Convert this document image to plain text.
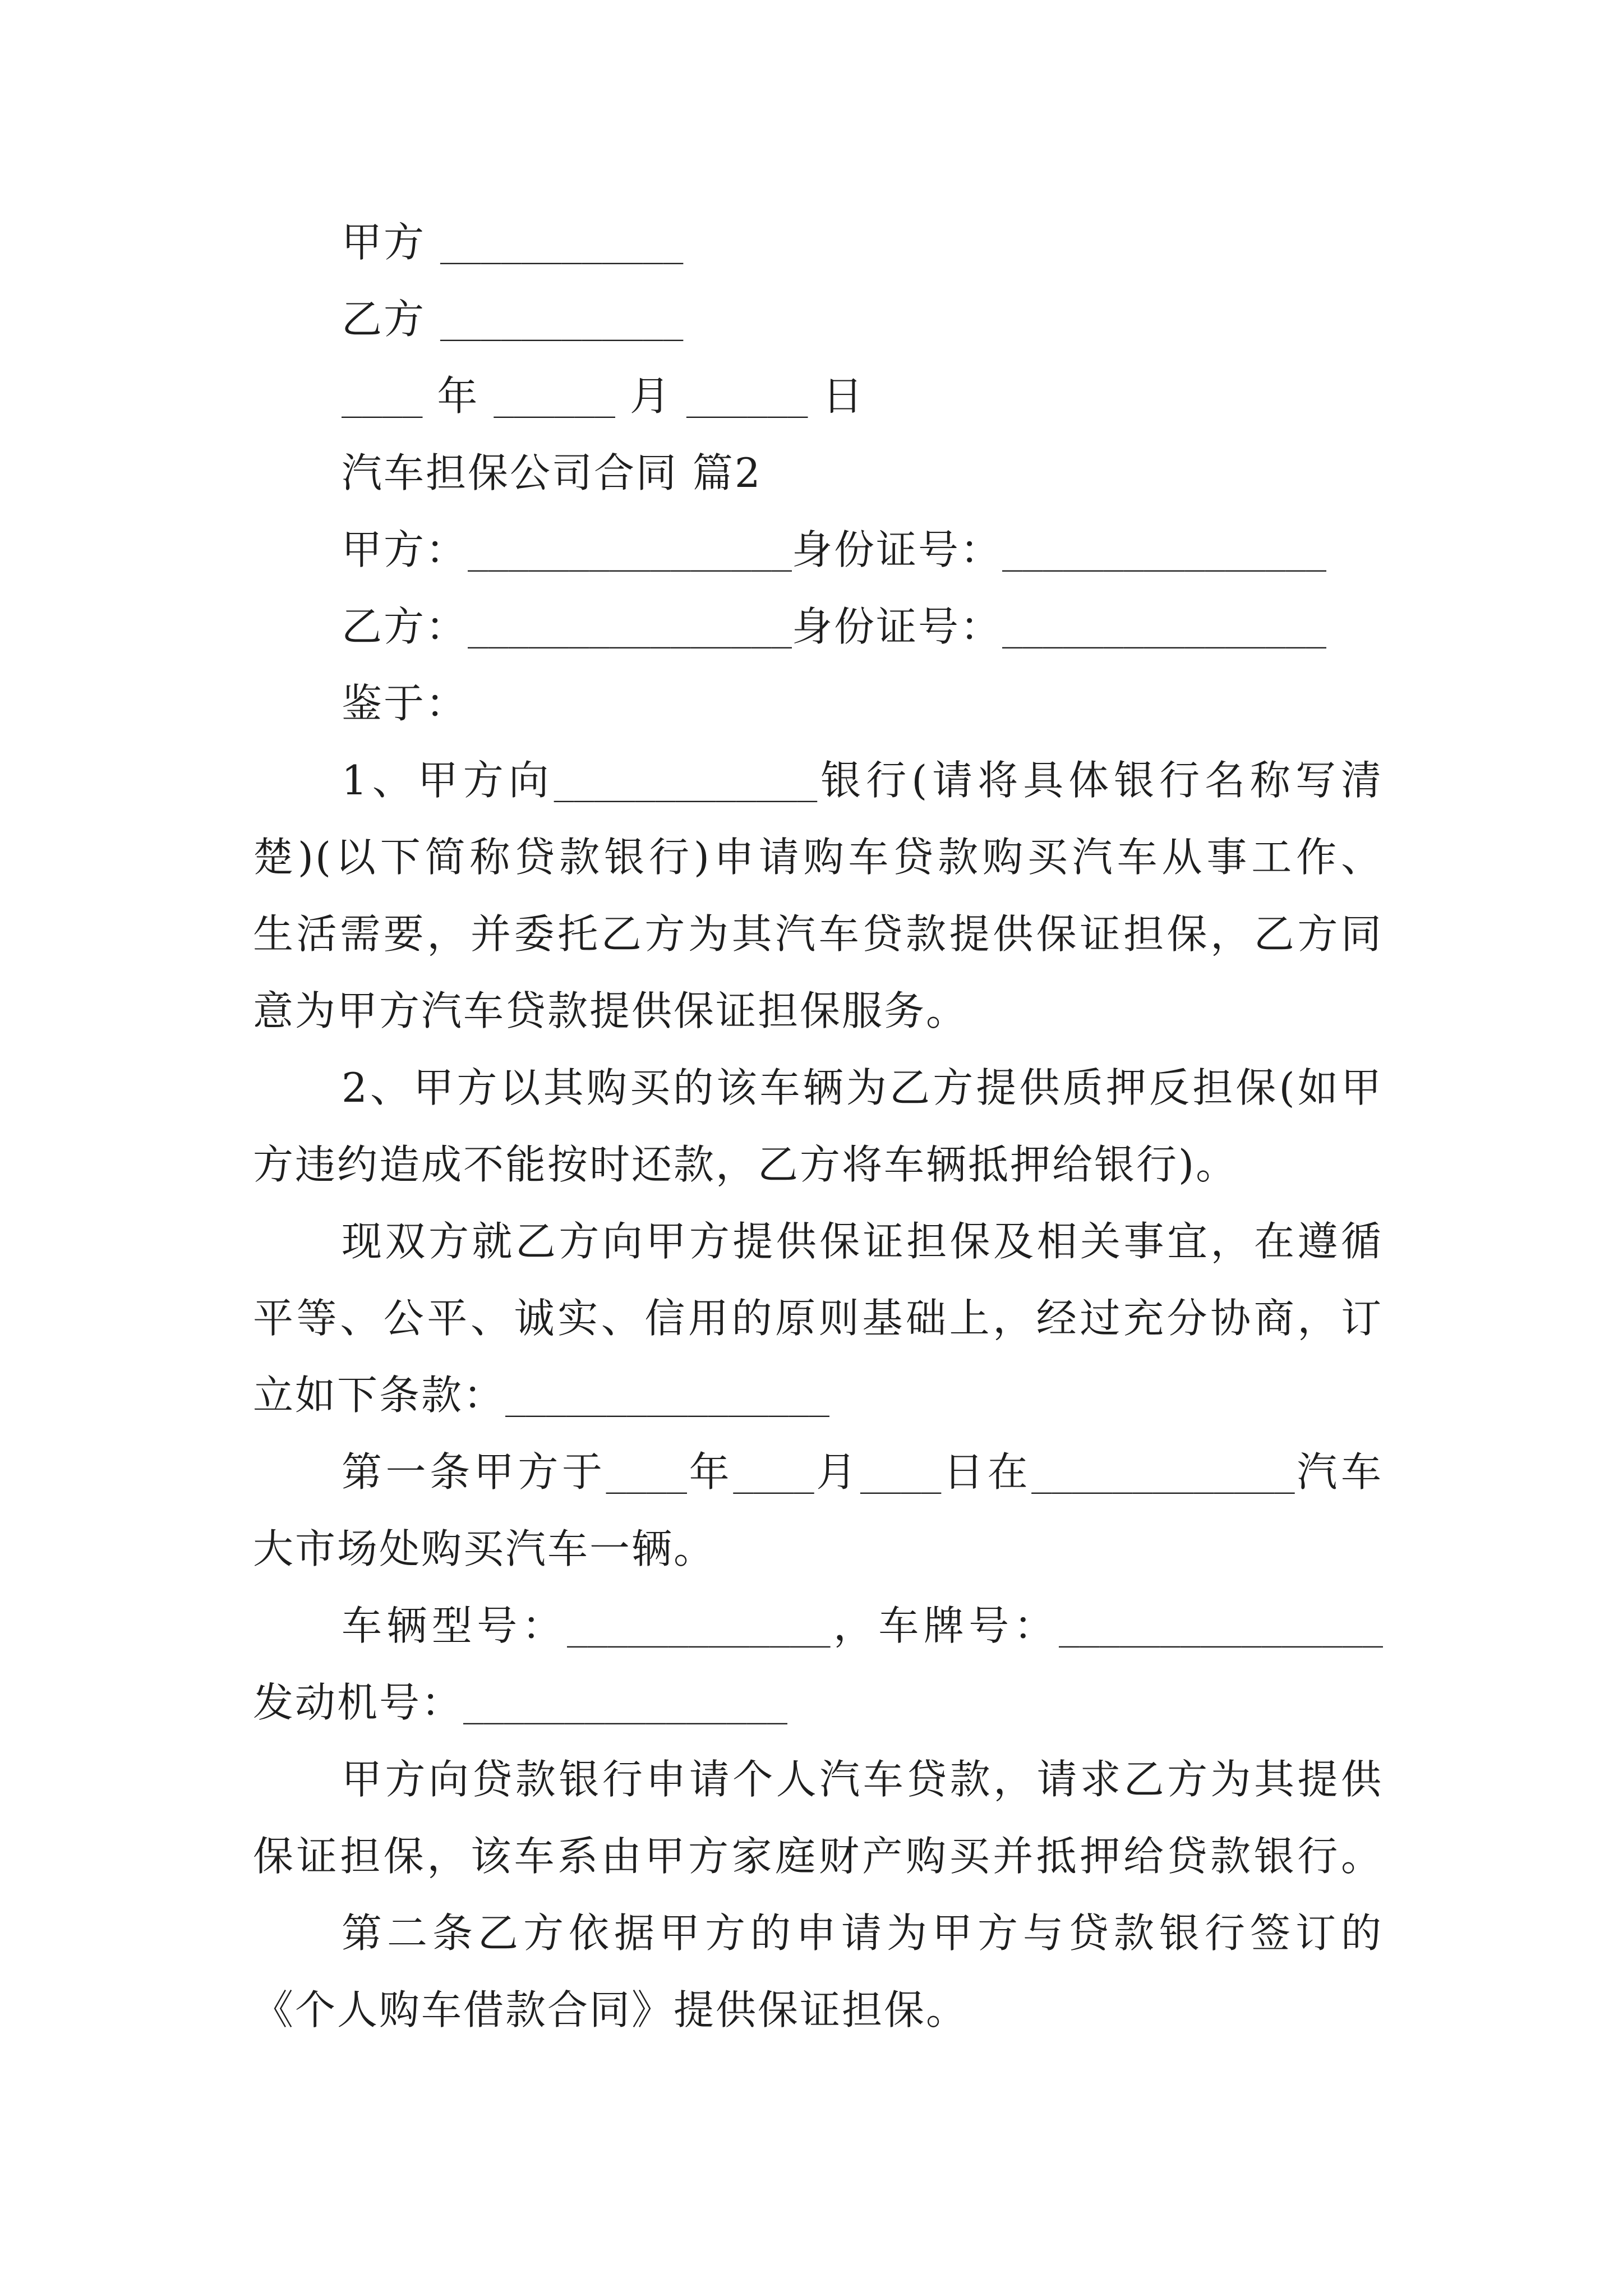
甲方 ____________
乙方 ____________
____ 年 ______ 月 ______ 日
汽车担保公司合同 篇2
甲方：________________身份证号：________________
乙方：________________身份证号：________________
鉴于：
1、甲方向_____________银行(请将具体银行名称写清
楚)(以下简称贷款银行)申请购车贷款购买汽车从事工作、
生活需要，并委托乙方为其汽车贷款提供保证担保，乙方同
意为甲方汽车贷款提供保证担保服务。
2、甲方以其购买的该车辆为乙方提供质押反担保(如甲
方违约造成不能按时还款，乙方将车辆抵押给银行)。
现双方就乙方向甲方提供保证担保及相关事宜，在遵循
平等、公平、诚实、信用的原则基础上，经过充分协商，订
立如下条款：________________
第一条甲方于____年____月____日在_____________汽车
大市场处购买汽车一辆。
车辆型号：_____________，车牌号：________________
发动机号：________________
甲方向贷款银行申请个人汽车贷款，请求乙方为其提供
保证担保，该车系由甲方家庭财产购买并抵押给贷款银行。
第二条乙方依据甲方的申请为甲方与贷款银行签订的
《个人购车借款合同》提供保证担保。
